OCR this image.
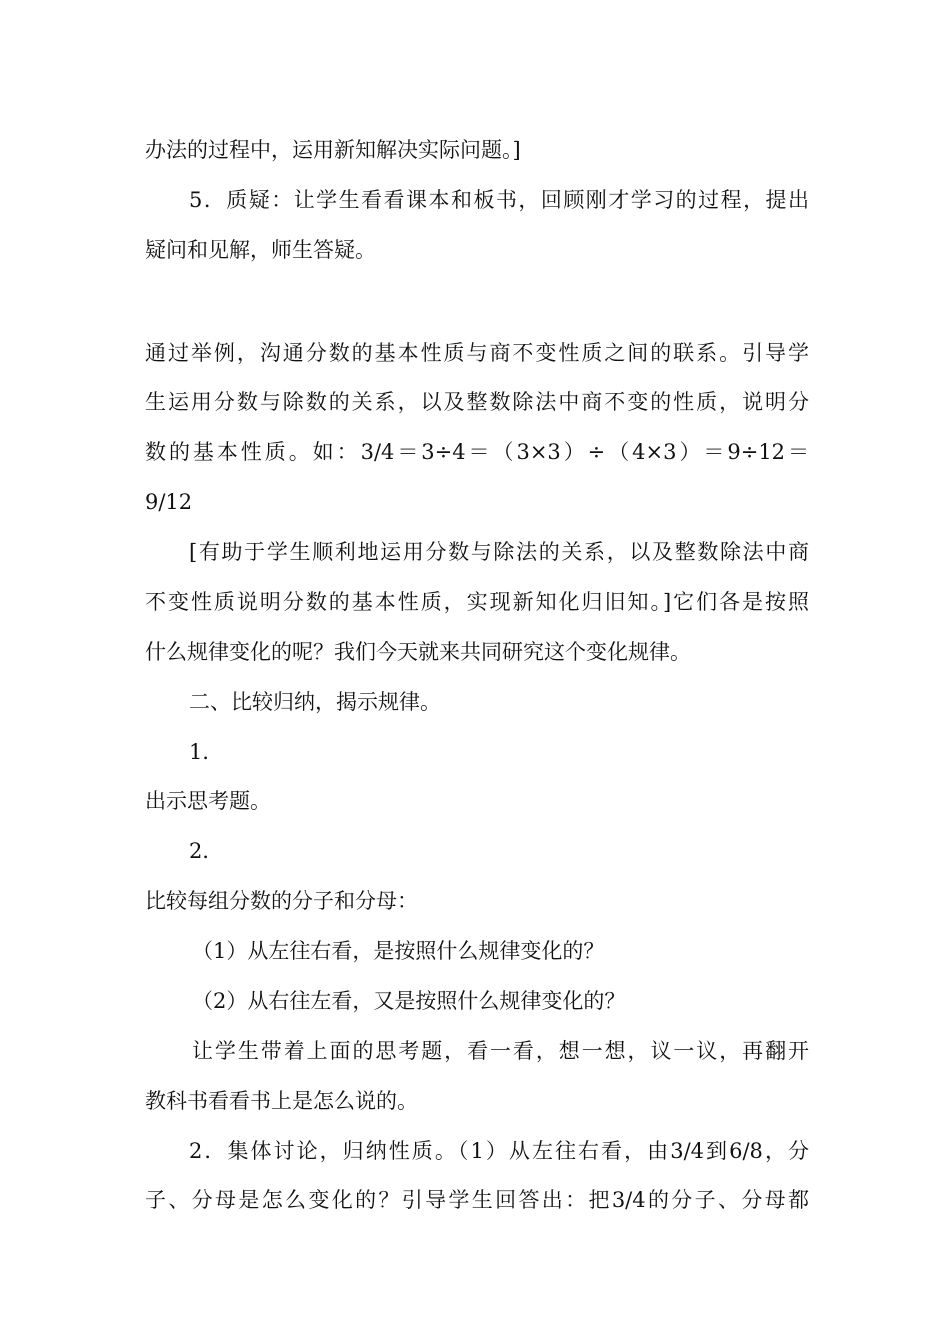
办法的过程中，运用新知解决实际问题。]
5．质疑：让学生看看课本和板书，回顾刚才学习的过程，提出
疑问和见解，师生答疑。
通过举例，沟通分数的基本性质与商不变性质之间的联系。引导学
生运用分数与除数的关系，以及整数除法中商不变的性质，说明分
数的基本性质。如：3/4＝3÷4＝（3×3）÷（4×3）＝9÷12＝
9/12
[有助于学生顺利地运用分数与除法的关系，以及整数除法中商
不变性质说明分数的基本性质，实现新知化归旧知。]它们各是按照
什么规律变化的呢？我们今天就来共同研究这个变化规律。
二、比较归纳，揭示规律。
1．
出示思考题。
2．
比较每组分数的分子和分母：
（1）从左往右看，是按照什么规律变化的？
（2）从右往左看，又是按照什么规律变化的？
让学生带着上面的思考题，看一看，想一想，议一议，再翻开
教科书看看书上是怎么说的。
2．集体讨论，归纳性质。（1）从左往右看，由3/4到6/8，分
子、分母是怎么变化的？引导学生回答出：把3/4的分子、分母都
